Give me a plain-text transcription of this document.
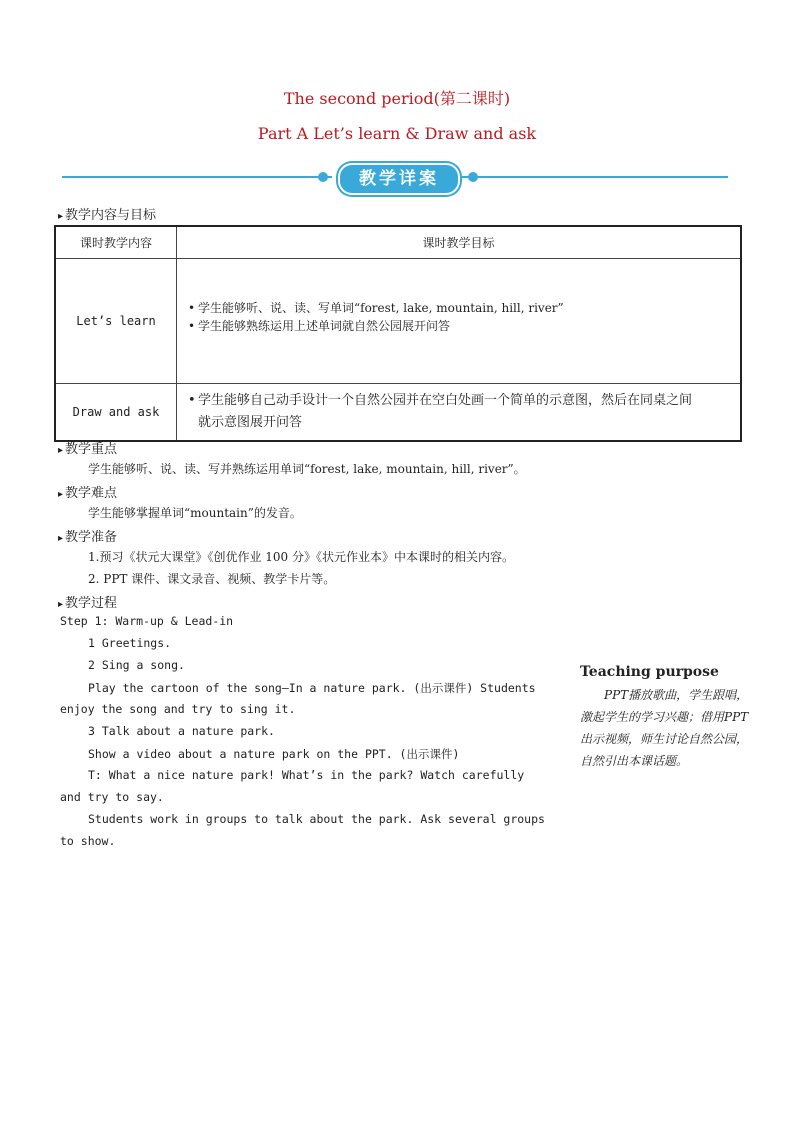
The second period(第二课时)
Part A Let’s learn & Draw and ask
教学详案
▸ 教学内容与目标
课时教学内容	课时教学目标
Let’s learn	• 学生能够听、说、读、写单词“forest, lake, mountain, hill, river”
• 学生能够熟练运用上述单词就自然公园展开问答

Draw and ask	• 学生能够自己动手设计一个自然公园并在空白处画一个简单的示意图，然后在同桌之间
就示意图展开问答
▸ 教学重点
学生能够听、说、读、写并熟练运用单词“forest, lake, mountain, hill, river”。
▸ 教学难点
学生能够掌握单词“mountain”的发音。
▸ 教学准备
1.预习《状元大课堂》《创优作业 100 分》《状元作业本》中本课时的相关内容。
2. PPT 课件、课文录音、视频、教学卡片等。
▸ 教学过程
Step 1: Warm-up & Lead-in
1 Greetings.
2 Sing a song.
Play the cartoon of the song—In a nature park. (出示课件) Students
enjoy the song and try to sing it.
3 Talk about a nature park.
Show a video about a nature park on the PPT. (出示课件)
T: What a nice nature park! What’s in the park? Watch carefully
and try to say.
Students work in groups to talk about the park. Ask several groups
to show.
Teaching purpose
PPT播放歌曲，学生跟唱，激起学生的学习兴趣；借用PPT出示视频，师生讨论自然公园，自然引出本课话题。
